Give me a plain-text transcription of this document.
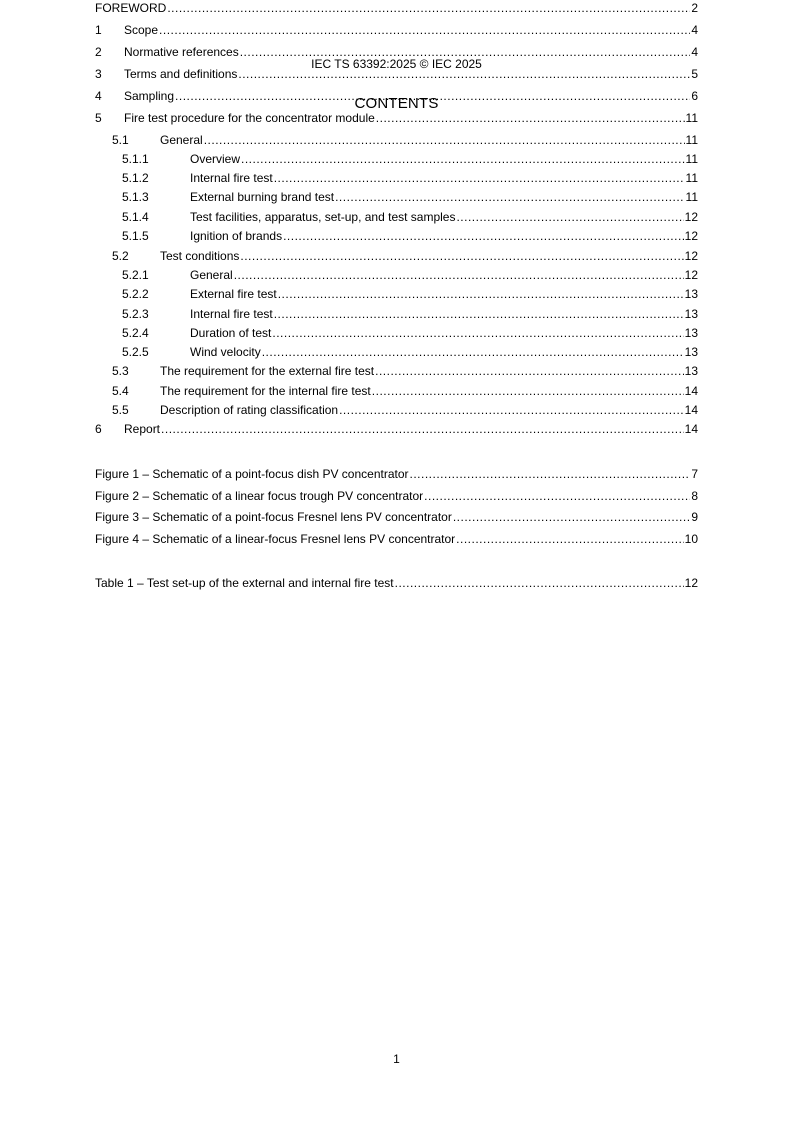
IEC TS 63392:2025 © IEC 2025
CONTENTS
FOREWORD .....	2
1	Scope .....	4
2	Normative references .....	4
3	Terms and definitions .....	5
4	Sampling .....	6
5	Fire test procedure for the concentrator module .....	11
5.1	General .....	11
5.1.1	Overview .....	11
5.1.2	Internal fire test .....	11
5.1.3	External burning brand test .....	11
5.1.4	Test facilities, apparatus, set-up, and test samples .....	12
5.1.5	Ignition of brands .....	12
5.2	Test conditions .....	12
5.2.1	General .....	12
5.2.2	External fire test .....	13
5.2.3	Internal fire test .....	13
5.2.4	Duration of test .....	13
5.2.5	Wind velocity .....	13
5.3	The requirement for the external fire test .....	13
5.4	The requirement for the internal fire test .....	14
5.5	Description of rating classification .....	14
6	Report .....	14
Figure 1 – Schematic of a point-focus dish PV concentrator .....	7
Figure 2 – Schematic of a linear focus trough PV concentrator .....	8
Figure 3 – Schematic of a point-focus Fresnel lens PV concentrator .....	9
Figure 4 – Schematic of a linear-focus Fresnel lens PV concentrator .....	10
Table 1 – Test set-up of the external and internal fire test .....	12
1
